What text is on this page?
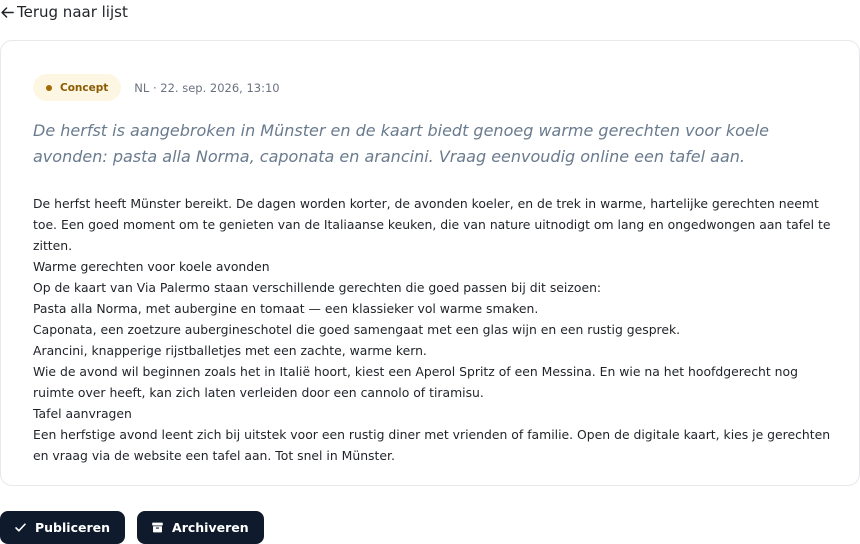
Terug naar lijst
Concept NL · 22. sep. 2026, 13:10

De herfst is aangebroken in Münster en de kaart biedt genoeg warme gerechten voor koele avonden: pasta alla Norma, caponata en arancini. Vraag eenvoudig online een tafel aan.

De herfst heeft Münster bereikt. De dagen worden korter, de avonden koeler, en de trek in warme, hartelijke gerechten neemt toe. Een goed moment om te genieten van de Italiaanse keuken, die van nature uitnodigt om lang en ongedwongen aan tafel te zitten.

Warme gerechten voor koele avonden

Op de kaart van Via Palermo staan verschillende gerechten die goed passen bij dit seizoen:

Pasta alla Norma, met aubergine en tomaat — een klassieker vol warme smaken.

Caponata, een zoetzure aubergineschotel die goed samengaat met een glas wijn en een rustig gesprek.

Arancini, knapperige rijstballetjes met een zachte, warme kern.

Wie de avond wil beginnen zoals het in Italië hoort, kiest een Aperol Spritz of een Messina. En wie na het hoofdgerecht nog ruimte over heeft, kan zich laten verleiden door een cannolo of tiramisu.

Tafel aanvragen

Een herfstige avond leent zich bij uitstek voor een rustig diner met vrienden of familie. Open de digitale kaart, kies je gerechten en vraag via de website een tafel aan. Tot snel in Münster.

Publiceren	Archiveren
